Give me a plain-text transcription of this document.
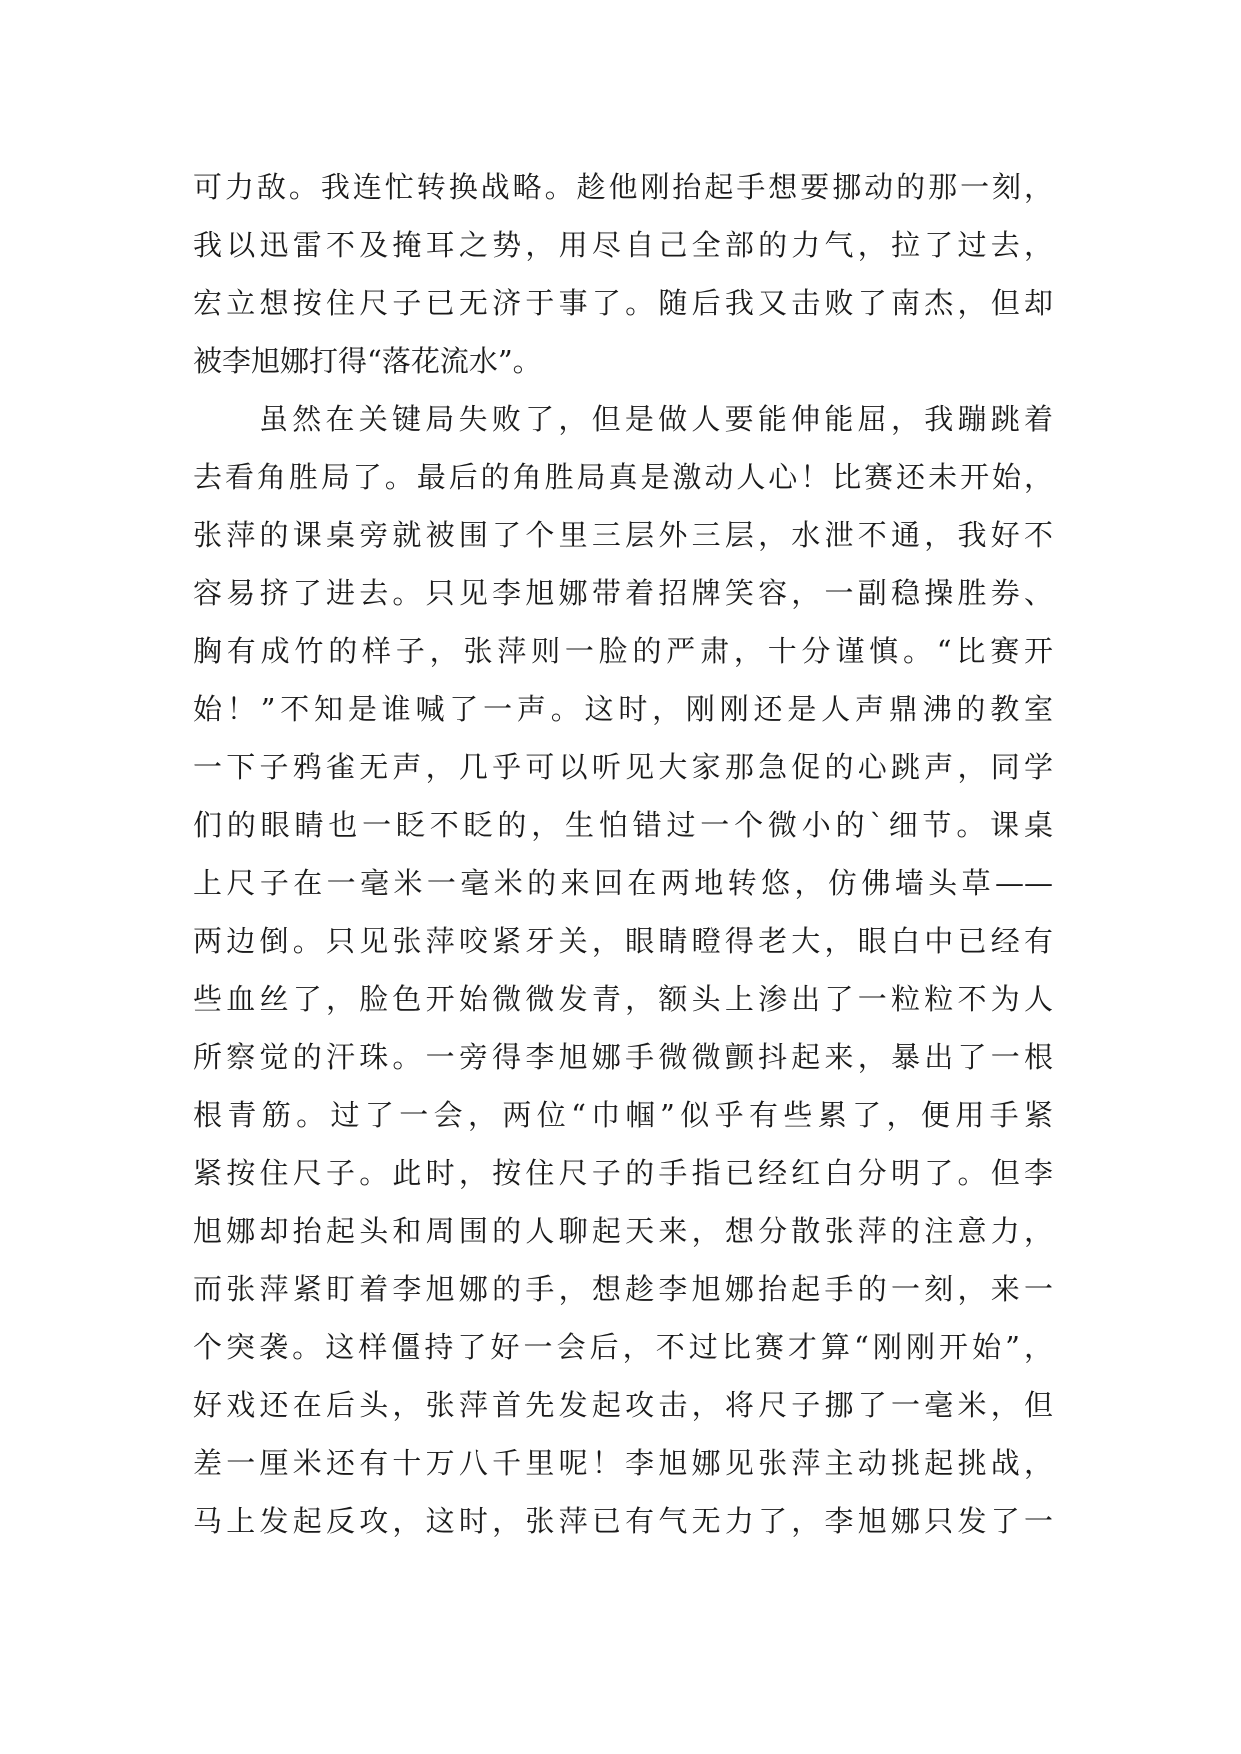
可力敌。我连忙转换战略。趁他刚抬起手想要挪动的那一刻，
我以迅雷不及掩耳之势，用尽自己全部的力气，拉了过去，
宏立想按住尺子已无济于事了。随后我又击败了南杰，但却
被李旭娜打得“落花流水”。
虽然在关键局失败了，但是做人要能伸能屈，我蹦跳着
去看角胜局了。最后的角胜局真是激动人心！比赛还未开始，
张萍的课桌旁就被围了个里三层外三层，水泄不通，我好不
容易挤了进去。只见李旭娜带着招牌笑容，一副稳操胜券、
胸有成竹的样子，张萍则一脸的严肃，十分谨慎。“比赛开
始！”不知是谁喊了一声。这时，刚刚还是人声鼎沸的教室
一下子鸦雀无声，几乎可以听见大家那急促的心跳声，同学
们的眼睛也一眨不眨的，生怕错过一个微小的`细节。课桌
上尺子在一毫米一毫米的来回在两地转悠，仿佛墙头草——
两边倒。只见张萍咬紧牙关，眼睛瞪得老大，眼白中已经有
些血丝了，脸色开始微微发青，额头上渗出了一粒粒不为人
所察觉的汗珠。一旁得李旭娜手微微颤抖起来，暴出了一根
根青筋。过了一会，两位“巾帼”似乎有些累了，便用手紧
紧按住尺子。此时，按住尺子的手指已经红白分明了。但李
旭娜却抬起头和周围的人聊起天来，想分散张萍的注意力，
而张萍紧盯着李旭娜的手，想趁李旭娜抬起手的一刻，来一
个突袭。这样僵持了好一会后，不过比赛才算“刚刚开始”，
好戏还在后头，张萍首先发起攻击，将尺子挪了一毫米，但
差一厘米还有十万八千里呢！李旭娜见张萍主动挑起挑战，
马上发起反攻，这时，张萍已有气无力了，李旭娜只发了一
